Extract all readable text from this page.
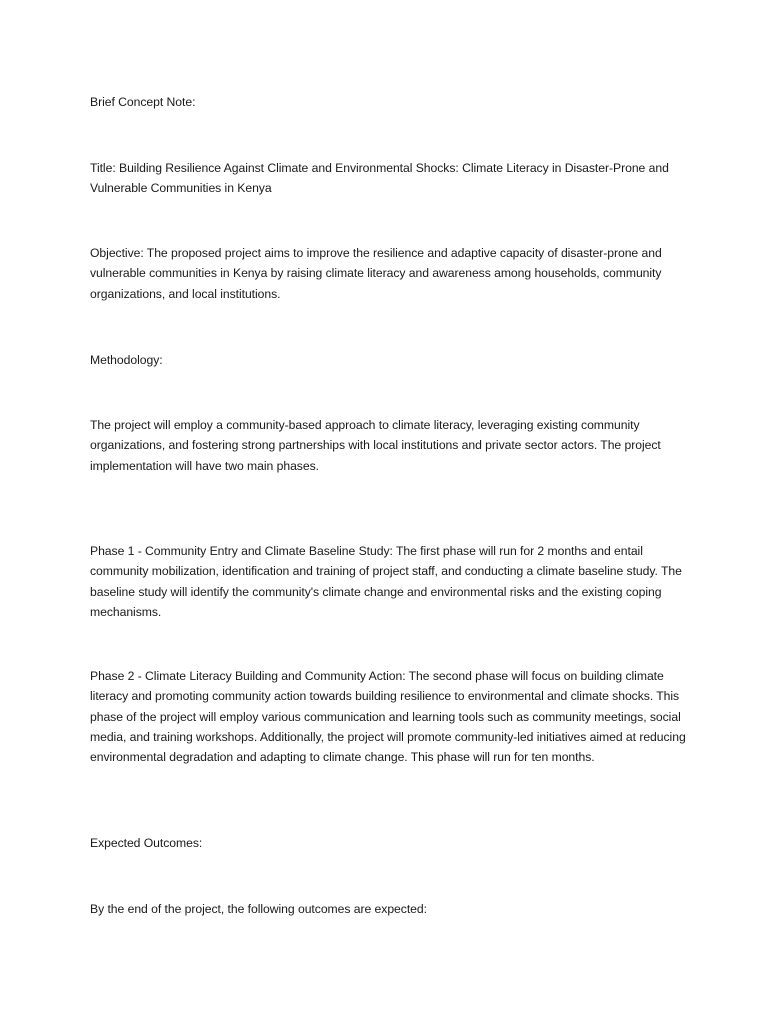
Brief Concept Note:

Title: Building Resilience Against Climate and Environmental Shocks: Climate Literacy in Disaster-Prone and Vulnerable Communities in Kenya

Objective: The proposed project aims to improve the resilience and adaptive capacity of disaster-prone and vulnerable communities in Kenya by raising climate literacy and awareness among households, community organizations, and local institutions.

Methodology:

The project will employ a community-based approach to climate literacy, leveraging existing community organizations, and fostering strong partnerships with local institutions and private sector actors. The project implementation will have two main phases.

Phase 1 - Community Entry and Climate Baseline Study: The first phase will run for 2 months and entail community mobilization, identification and training of project staff, and conducting a climate baseline study. The baseline study will identify the community's climate change and environmental risks and the existing coping mechanisms.

Phase 2 - Climate Literacy Building and Community Action: The second phase will focus on building climate literacy and promoting community action towards building resilience to environmental and climate shocks. This phase of the project will employ various communication and learning tools such as community meetings, social media, and training workshops. Additionally, the project will promote community-led initiatives aimed at reducing environmental degradation and adapting to climate change. This phase will run for ten months.

Expected Outcomes:

By the end of the project, the following outcomes are expected:
